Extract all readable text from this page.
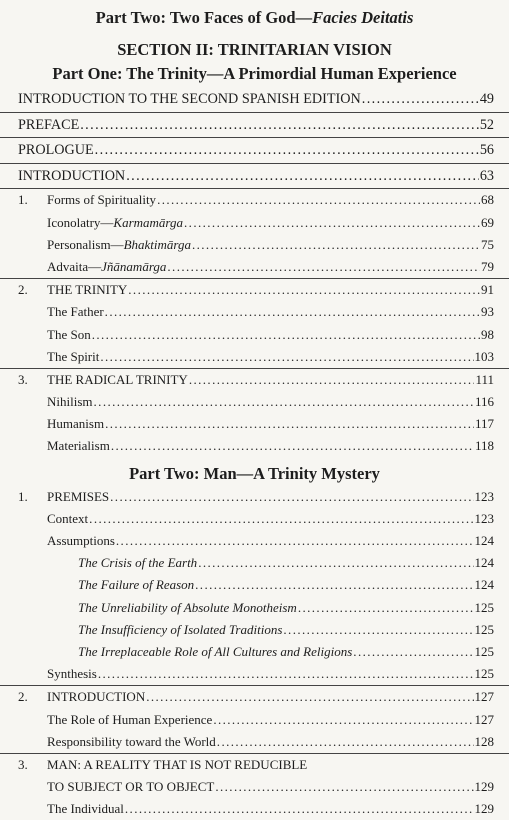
Part Two: Two Faces of God—Facies Deitatis

SECTION II: TRINITARIAN VISION

Part One: The Trinity—A Primordial Human Experience

INTRODUCTION TO THE SECOND SPANISH EDITION .....	49
PREFACE .....	52
PROLOGUE .....	56
INTRODUCTION .....	63
1. Forms of Spirituality .....	68
Iconolatry—Karmamārga .....	69
Personalism—Bhaktimārga .....	75
Advaita—Jñānamārga .....	79
2. THE TRINITY .....	91
The Father .....	93
The Son .....	98
The Spirit .....	103
3. THE RADICAL TRINITY .....	111
Nihilism .....	116
Humanism .....	117
Materialism .....	118

Part Two: Man—A Trinity Mystery

1. PREMISES .....	123
Context .....	123
Assumptions .....	124
The Crisis of the Earth .....	124
The Failure of Reason .....	124
The Unreliability of Absolute Monotheism .....	125
The Insufficiency of Isolated Traditions .....	125
The Irreplaceable Role of All Cultures and Religions .....	125
Synthesis .....	125
2. INTRODUCTION .....	127
The Role of Human Experience .....	127
Responsibility toward the World .....	128
3. MAN: A REALITY THAT IS NOT REDUCIBLE
TO SUBJECT OR TO OBJECT .....	129
The Individual .....	129
